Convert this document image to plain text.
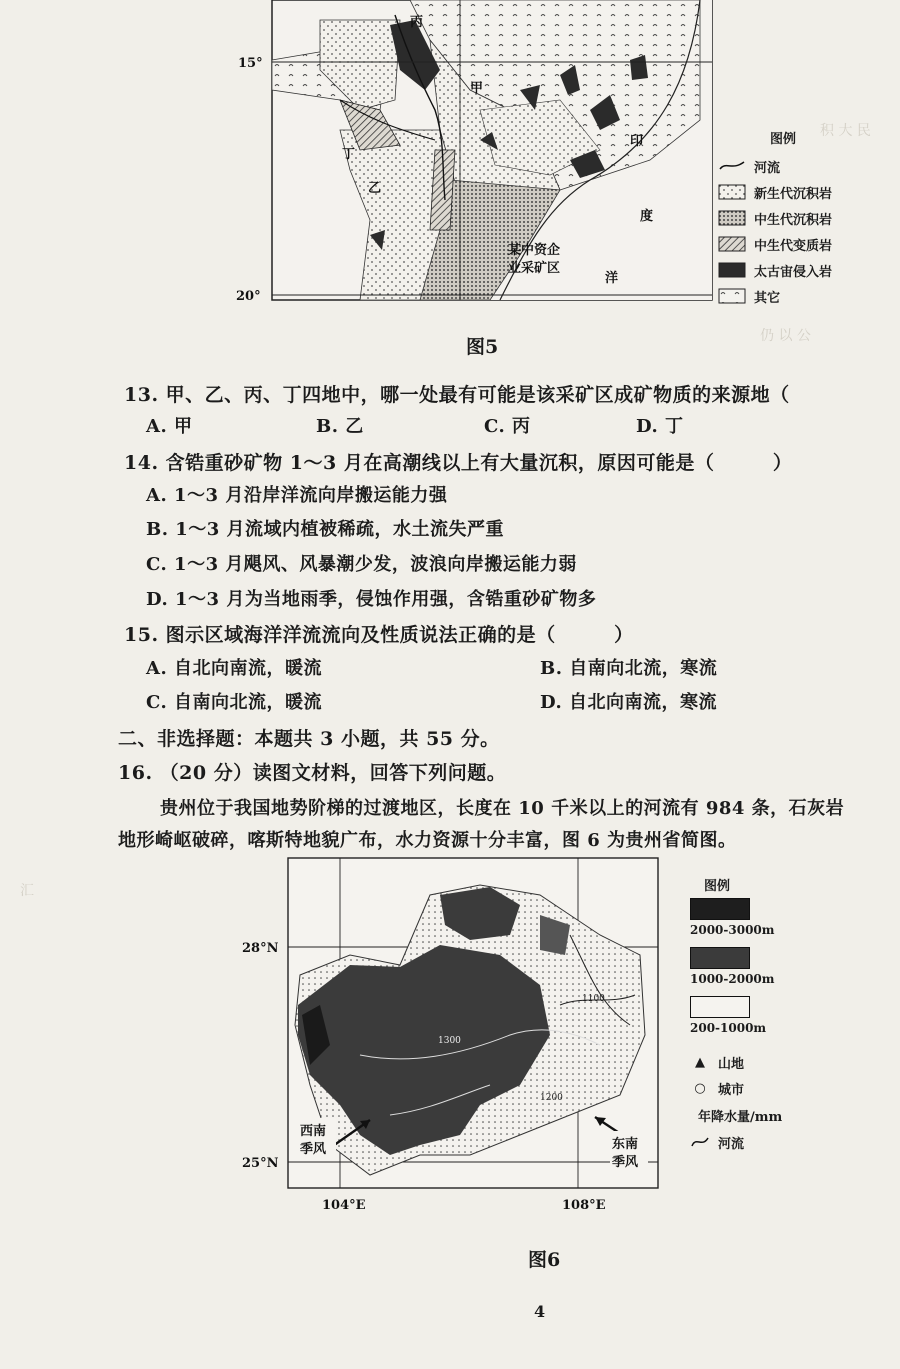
积 大 民
仍 以 公
汇
15°
20°
丙
甲
丁
乙
印
度
洋
某中资企
业采矿区
图例
河流
新生代沉积岩
中生代沉积岩
中生代变质岩
太古宙侵入岩
其它
图5
13. 甲、乙、丙、丁四地中，哪一处最有可能是该采矿区成矿物质的来源地（
A. 甲	B. 乙	C. 丙	D. 丁
14. 含锆重砂矿物 1～3 月在高潮线以上有大量沉积，原因可能是（　　　）
A. 1～3 月沿岸洋流向岸搬运能力强
B. 1～3 月流域内植被稀疏，水土流失严重
C. 1～3 月飓风、风暴潮少发，波浪向岸搬运能力弱
D. 1～3 月为当地雨季，侵蚀作用强，含锆重砂矿物多
15. 图示区域海洋洋流流向及性质说法正确的是（　　　）
A. 自北向南流，暖流	B. 自南向北流，寒流
C. 自南向北流，暖流	D. 自北向南流，寒流
二、非选择题：本题共 3 小题，共 55 分。
16. （20 分）读图文材料，回答下列问题。
贵州位于我国地势阶梯的过渡地区，长度在 10 千米以上的河流有 984 条，石灰岩
地形崎岖破碎，喀斯特地貌广布，水力资源十分丰富，图 6 为贵州省简图。
1100
1300
1200
西南
季风	东南
季风
28°N
25°N
104°E	108°E
图例
2000-3000m
1000-2000m
200-1000m
▲	山地
○ 城市
年降水量/mm
河流
图6
4
